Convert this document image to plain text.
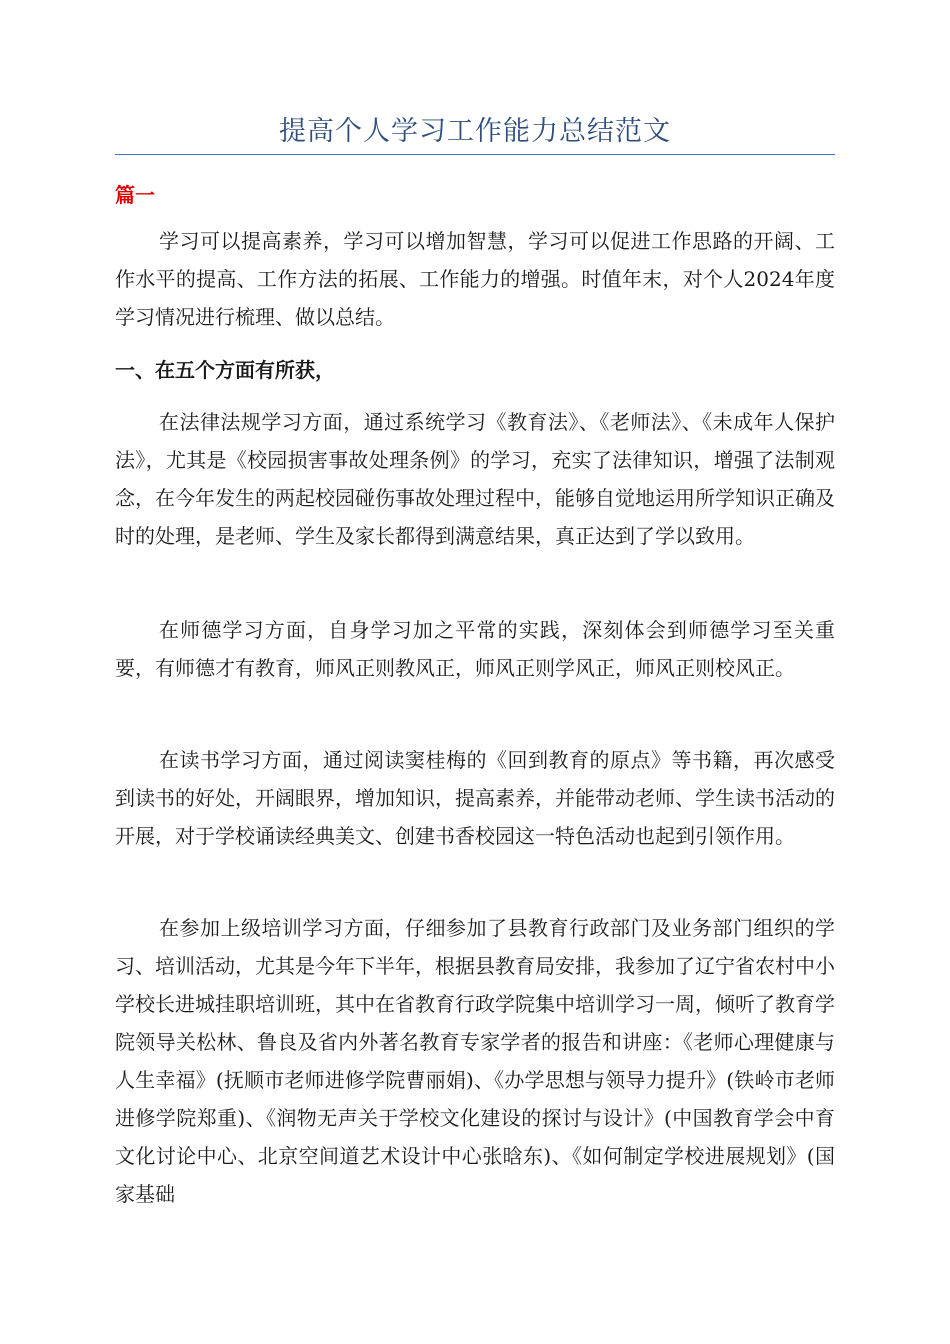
提高个人学习工作能力总结范文
篇一

学习可以提高素养，学习可以增加智慧，学习可以促进工作思路的开阔、工作水平的提高、工作方法的拓展、工作能力的增强。时值年末，对个人2024年度学习情况进行梳理、做以总结。

一、在五个方面有所获，

在法律法规学习方面，通过系统学习《教育法》、《老师法》、《未成年人保护法》，尤其是《校园损害事故处理条例》的学习，充实了法律知识，增强了法制观念，在今年发生的两起校园碰伤事故处理过程中，能够自觉地运用所学知识正确及时的处理，是老师、学生及家长都得到满意结果，真正达到了学以致用。

在师德学习方面，自身学习加之平常的实践，深刻体会到师德学习至关重要，有师德才有教育，师风正则教风正，师风正则学风正，师风正则校风正。

在读书学习方面，通过阅读窦桂梅的《回到教育的原点》等书籍，再次感受到读书的好处，开阔眼界，增加知识，提高素养，并能带动老师、学生读书活动的开展，对于学校诵读经典美文、创建书香校园这一特色活动也起到引领作用。

在参加上级培训学习方面，仔细参加了县教育行政部门及业务部门组织的学习、培训活动，尤其是今年下半年，根据县教育局安排，我参加了辽宁省农村中小学校长进城挂职培训班，其中在省教育行政学院集中培训学习一周，倾听了教育学院领导关松林、鲁良及省内外著名教育专家学者的报告和讲座：《老师心理健康与人生幸福》(抚顺市老师进修学院曹丽娟)、《办学思想与领导力提升》(铁岭市老师进修学院郑重)、《润物无声关于学校文化建设的探讨与设计》(中国教育学会中育文化讨论中心、北京空间道艺术设计中心张晗东)、《如何制定学校进展规划》(国家基础
